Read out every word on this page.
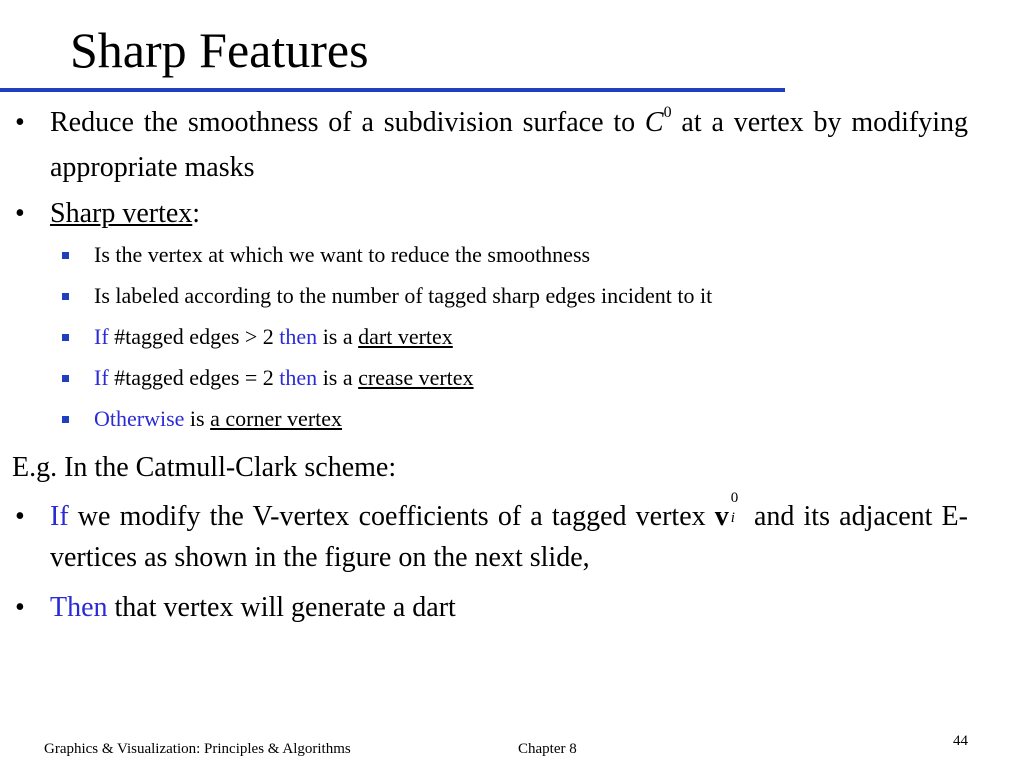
Sharp Features
• Reduce the smoothness of a subdivision surface to $C^0$ at a vertex by modifying appropriate masks
• Sharp vertex:
Is the vertex at which we want to reduce the smoothness
Is labeled according to the number of tagged sharp edges incident to it
If #tagged edges > 2 then is a dart vertex
If #tagged edges = 2 then is a crease vertex
Otherwise is a corner vertex
E.g. In the Catmull-Clark scheme:
• If we modify the V-vertex coefficients of a tagged vertex v
0
i and its adjacent E-vertices as shown in the figure on the next slide,
• Then that vertex will generate a dart
Graphics & Visualization: Principles & Algorithms	Chapter 8	44
